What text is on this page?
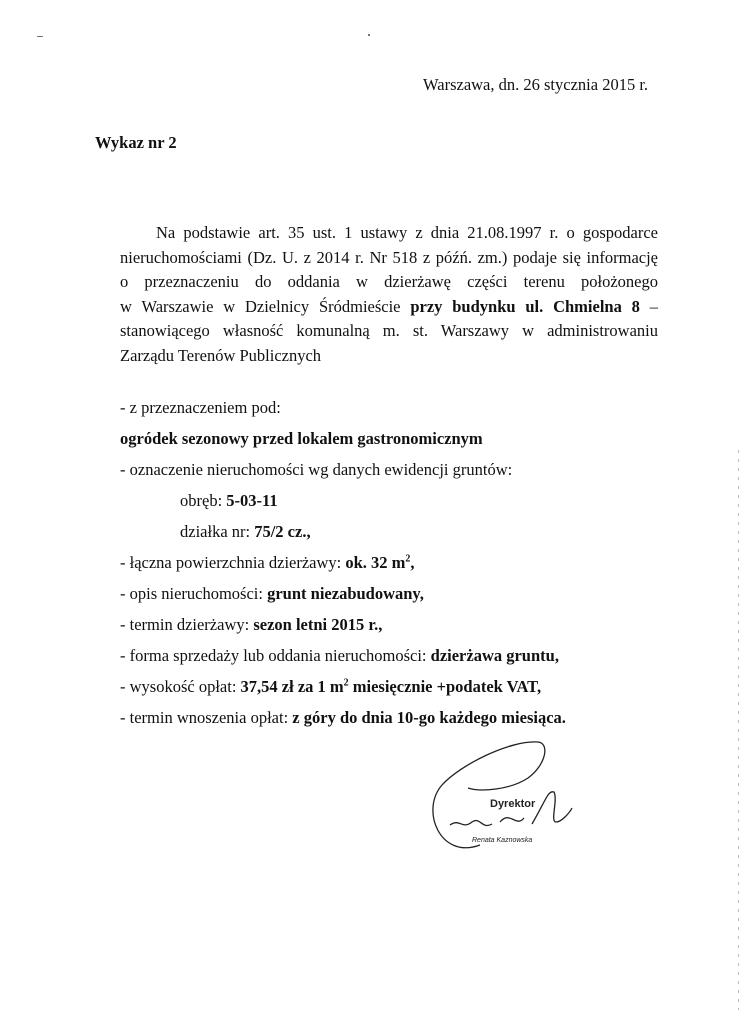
Warszawa, dn. 26 stycznia 2015 r.
Wykaz nr 2
Na podstawie art. 35 ust. 1 ustawy z dnia 21.08.1997 r. o gospodarce
nieruchomościami (Dz. U. z 2014 r. Nr 518 z późń. zm.) podaje się informację
o przeznaczeniu do oddania w dzierżawę części terenu położonego
w Warszawie w Dzielnicy Śródmieście przy budynku ul. Chmielna 8 –
stanowiącego własność komunalną m. st. Warszawy w administrowaniu
Zarządu Terenów Publicznych
- z przeznaczeniem pod:
ogródek sezonowy przed lokalem gastronomicznym
- oznaczenie nieruchomości wg danych ewidencji gruntów:
obręb: 5-03-11
działka nr: 75/2 cz.,
- łączna powierzchnia dzierżawy: ok. 32 $m^2$,
- opis nieruchomości: grunt niezabudowany,
- termin dzierżawy: sezon letni 2015 r.,
- forma sprzedaży lub oddania nieruchomości: dzierżawa gruntu,
- wysokość opłat: 37,54 zł za 1 $m^2$ miesięcznie +podatek VAT,
- termin wnoszenia opłat: z góry do dnia 10-go każdego miesiąca.
Dyrektor
Renata Kaznowska
